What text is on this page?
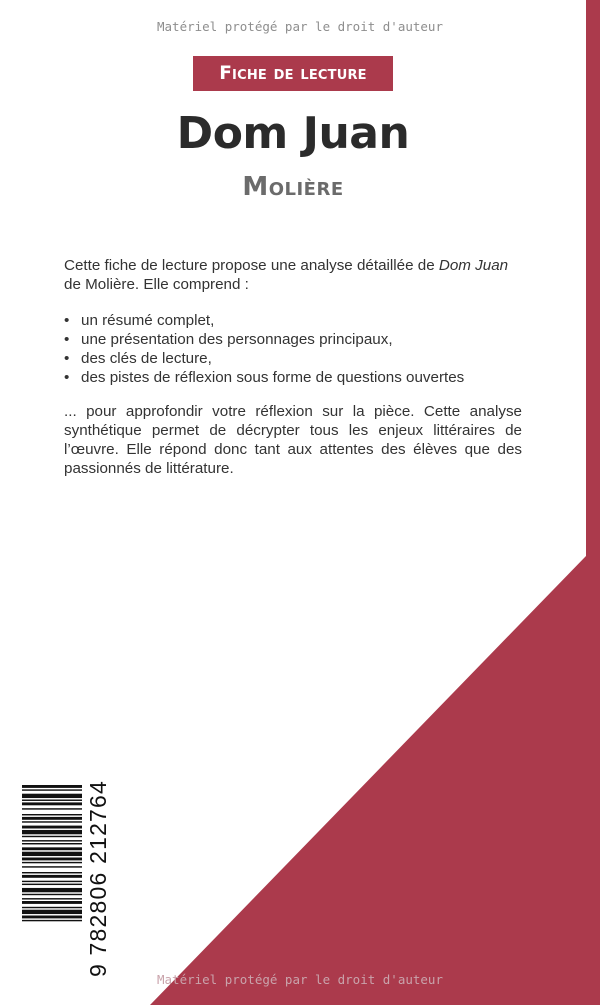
Matériel protégé par le droit d'auteur
Fiche de lecture
Dom Juan
Molière

Cette fiche de lecture propose une analyse détaillée de Dom Juan de Molière. Elle comprend :

• un résumé complet,
• une présentation des personnages principaux,
• des clés de lecture,
• des pistes de réflexion sous forme de questions ouvertes

... pour approfondir votre réflexion sur la pièce. Cette analyse synthétique permet de décrypter tous les enjeux littéraires de l’œuvre. Elle répond donc tant aux attentes des élèves que des passionnés de littérature.

9 782806 212764
Matériel protégé par le droit d'auteur
